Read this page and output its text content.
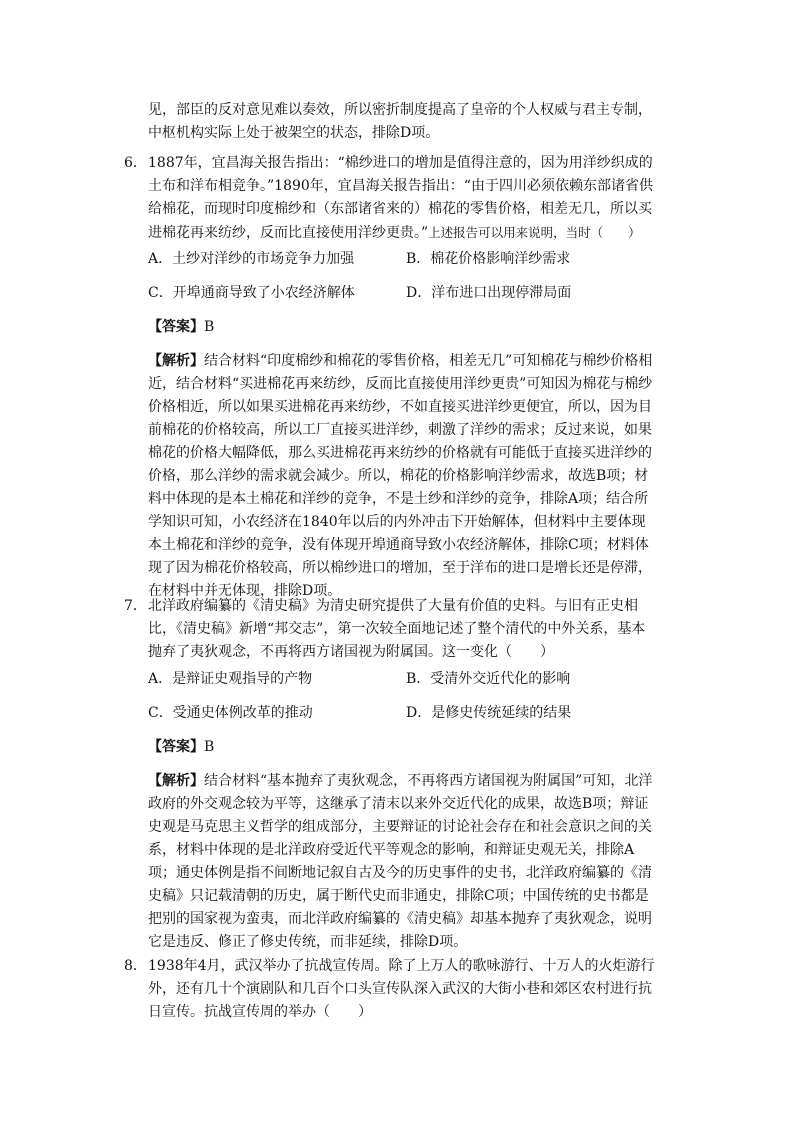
见，部臣的反对意见难以奏效，所以密折制度提高了皇帝的个人权威与君主专制，中枢机构实际上处于被架空的状态，排除D项。
6． 1887年，宜昌海关报告指出：“棉纱进口的增加是值得注意的，因为用洋纱织成的土布和洋布相竞争。”1890年，宜昌海关报告指出：“由于四川必须依赖东部诸省供给棉花，而现时印度棉纱和（东部诸省来的）棉花的零售价格，相差无几，所以买进棉花再来纺纱，反而比直接使用洋纱更贵。”上述报告可以用来说明，当时（　　）
A．土纱对洋纱的市场竞争力加强	B．棉花价格影响洋纱需求
C．开埠通商导致了小农经济解体	D．洋布进口出现停滞局面
【答案】B
【解析】结合材料“印度棉纱和棉花的零售价格，相差无几”可知棉花与棉纱价格相近，结合材料“买进棉花再来纺纱，反而比直接使用洋纱更贵”可知因为棉花与棉纱价格相近，所以如果买进棉花再来纺纱，不如直接买进洋纱更便宜，所以，因为目前棉花的价格较高，所以工厂直接买进洋纱，刺激了洋纱的需求；反过来说，如果棉花的价格大幅降低，那么买进棉花再来纺纱的价格就有可能低于直接买进洋纱的价格，那么洋纱的需求就会减少。所以，棉花的价格影响洋纱需求，故选B项；材料中体现的是本土棉花和洋纱的竞争，不是土纱和洋纱的竞争，排除A项；结合所学知识可知，小农经济在1840年以后的内外冲击下开始解体，但材料中主要体现本土棉花和洋纱的竞争，没有体现开埠通商导致小农经济解体，排除C项；材料体现了因为棉花价格较高，所以棉纱进口的增加，至于洋布的进口是增长还是停滞，在材料中并无体现，排除D项。
7． 北洋政府编纂的《清史稿》为清史研究提供了大量有价值的史料。与旧有正史相比，《清史稿》新增“邦交志”，第一次较全面地记述了整个清代的中外关系，基本抛弃了夷狄观念，不再将西方诸国视为附属国。这一变化（　　）
A．是辩证史观指导的产物	B．受清外交近代化的影响
C．受通史体例改革的推动	D．是修史传统延续的结果
【答案】B
【解析】结合材料“基本抛弃了夷狄观念，不再将西方诸国视为附属国”可知，北洋政府的外交观念较为平等，这继承了清末以来外交近代化的成果，故选B项；辩证史观是马克思主义哲学的组成部分，主要辩证的讨论社会存在和社会意识之间的关系，材料中体现的是北洋政府受近代平等观念的影响，和辩证史观无关，排除A项；通史体例是指不间断地记叙自古及今的历史事件的史书，北洋政府编纂的《清史稿》只记载清朝的历史，属于断代史而非通史，排除C项；中国传统的史书都是把别的国家视为蛮夷，而北洋政府编纂的《清史稿》却基本抛弃了夷狄观念，说明它是违反、修正了修史传统，而非延续，排除D项。
8． 1938年4月，武汉举办了抗战宣传周。除了上万人的歌咏游行、十万人的火炬游行外，还有几十个演剧队和几百个口头宣传队深入武汉的大街小巷和郊区农村进行抗日宣传。抗战宣传周的举办（　　）
